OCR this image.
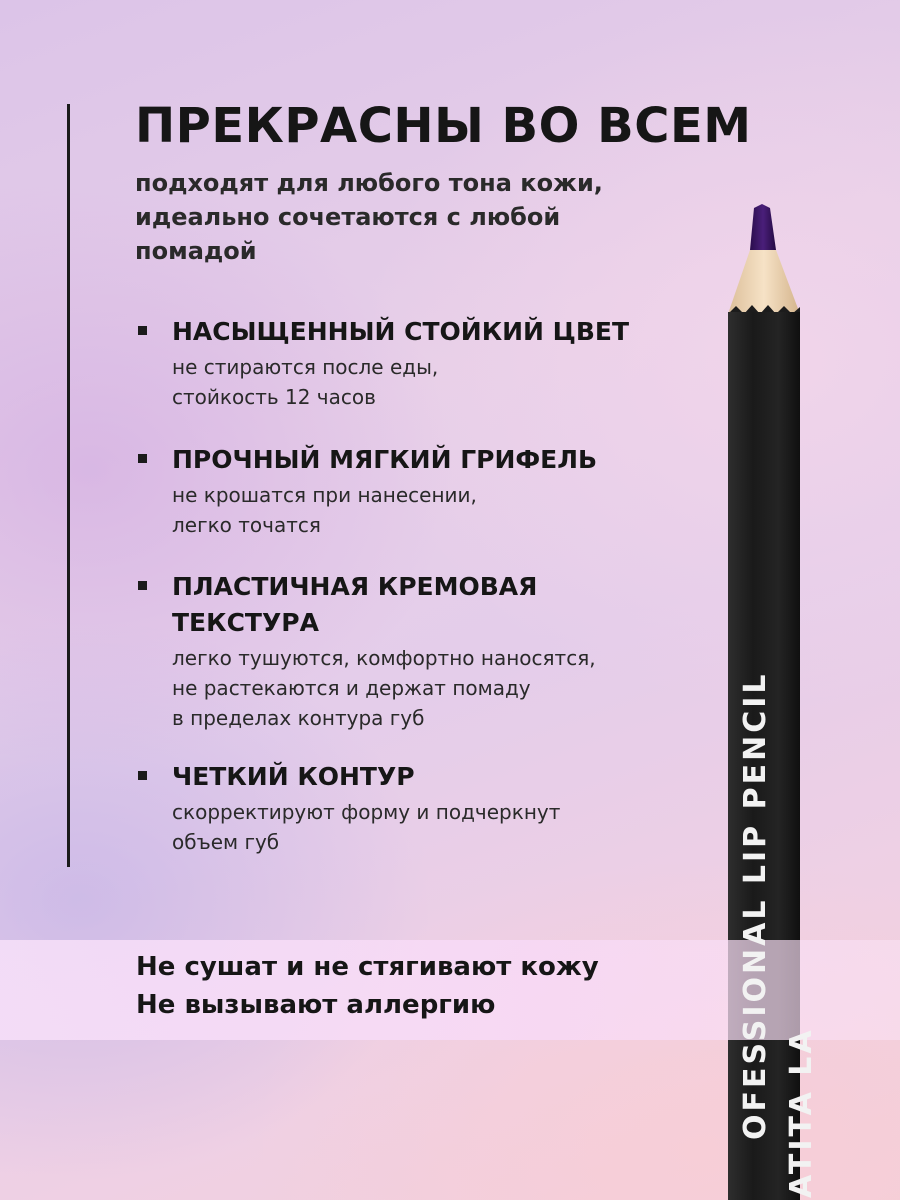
ПРЕКРАСНЫ ВО ВСЕМ
подходят для любого тона кожи,
идеально сочетаются с любой
помадой
НАСЫЩЕННЫЙ СТОЙКИЙ ЦВЕТ
не стираются после еды,
стойкость 12 часов
ПРОЧНЫЙ МЯГКИЙ ГРИФЕЛЬ
не крошатся при нанесении,
легко точатся
ПЛАСТИЧНАЯ КРЕМОВАЯ
ТЕКСТУРА
легко тушуются, комфортно наносятся,
не растекаются и держат помаду
в пределах контура губ
ЧЕТКИЙ КОНТУР
скорректируют форму и подчеркнут
объем губ
Не сушат и не стягивают кожу
Не вызывают аллергию	OFESSIONAL LIP PENCIL ATITA LA
